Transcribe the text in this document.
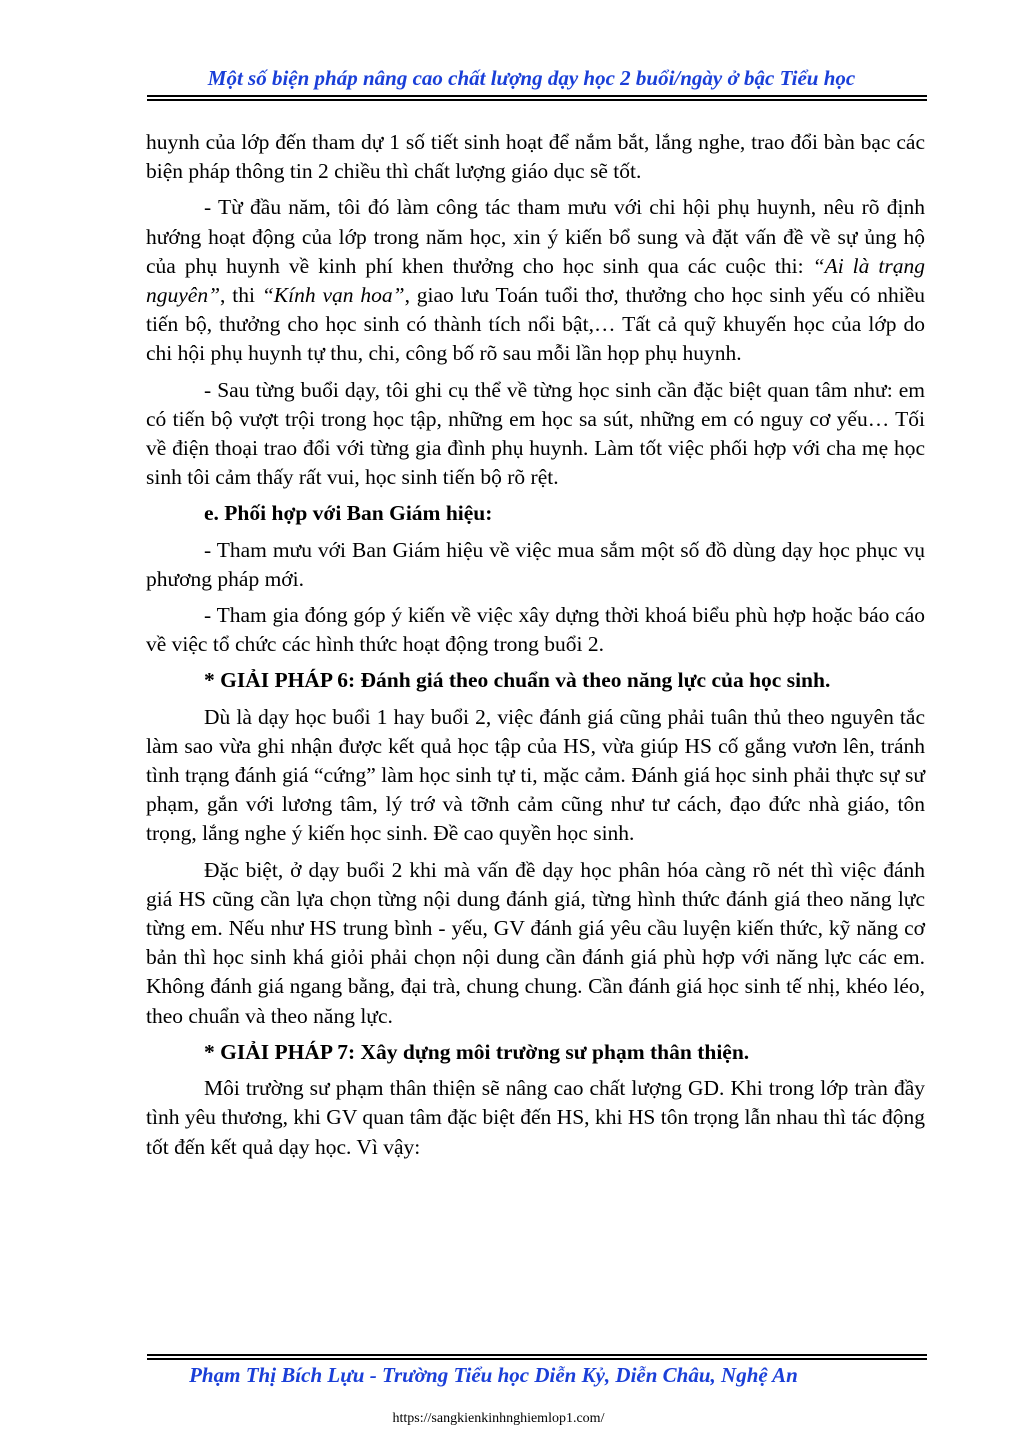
Một số biện pháp nâng cao chất lượng dạy học 2 buổi/ngày ở bậc Tiểu học

huynh của lớp đến tham dự 1 số tiết sinh hoạt để nắm bắt, lắng nghe, trao đổi bàn bạc các biện pháp thông tin 2 chiều thì chất lượng giáo dục sẽ tốt.

- Từ đầu năm, tôi đó làm công tác tham mưu với chi hội phụ huynh, nêu rõ định hướng hoạt động của lớp trong năm học, xin ý kiến bổ sung và đặt vấn đề về sự ủng hộ của phụ huynh về kinh phí khen thưởng cho học sinh qua các cuộc thi: “Ai là trạng nguyên”, thi “Kính vạn hoa”, giao lưu Toán tuổi thơ, thưởng cho học sinh yếu có nhiều tiến bộ, thưởng cho học sinh có thành tích nổi bật,… Tất cả quỹ khuyến học của lớp do chi hội phụ huynh tự thu, chi, công bố rõ sau mỗi lần họp phụ huynh.

- Sau từng buổi dạy, tôi ghi cụ thể về từng học sinh cần đặc biệt quan tâm như: em có tiến bộ vượt trội trong học tập, những em học sa sút, những em có nguy cơ yếu… Tối về điện thoại trao đổi với từng gia đình phụ huynh. Làm tốt việc phối hợp với cha mẹ học sinh tôi cảm thấy rất vui, học sinh tiến bộ rõ rệt.

e. Phối hợp với Ban Giám hiệu:

- Tham mưu với Ban Giám hiệu về việc mua sắm một số đồ dùng dạy học phục vụ phương pháp mới.

- Tham gia đóng góp ý kiến về việc xây dựng thời khoá biểu phù hợp hoặc báo cáo về việc tổ chức các hình thức hoạt động trong buổi 2.

* GIẢI PHÁP 6: Đánh giá theo chuẩn và theo năng lực của học sinh.

Dù là dạy học buổi 1 hay buổi 2, việc đánh giá cũng phải tuân thủ theo nguyên tắc làm sao vừa ghi nhận được kết quả học tập của HS, vừa giúp HS cố gắng vươn lên, tránh tình trạng đánh giá “cứng” làm học sinh tự ti, mặc cảm. Đánh giá học sinh phải thực sự sư phạm, gắn với lương tâm, lý trớ và tỡnh cảm cũng như tư cách, đạo đức nhà giáo, tôn trọng, lắng nghe ý kiến học sinh. Đề cao quyền học sinh.

Đặc biệt, ở dạy buổi 2 khi mà vấn đề dạy học phân hóa càng rõ nét thì việc đánh giá HS cũng cần lựa chọn từng nội dung đánh giá, từng hình thức đánh giá theo năng lực từng em. Nếu như HS trung bình - yếu, GV đánh giá yêu cầu luyện kiến thức, kỹ năng cơ bản thì học sinh khá giỏi phải chọn nội dung cần đánh giá phù hợp với năng lực các em. Không đánh giá ngang bằng, đại trà, chung chung. Cần đánh giá học sinh tế nhị, khéo léo, theo chuẩn và theo năng lực.

* GIẢI PHÁP 7: Xây dựng môi trường sư phạm thân thiện.

Môi trường sư phạm thân thiện sẽ nâng cao chất lượng GD. Khi trong lớp tràn đầy tình yêu thương, khi GV quan tâm đặc biệt đến HS, khi HS tôn trọng lẫn nhau thì tác động tốt đến kết quả dạy học. Vì vậy:

Phạm Thị Bích Lựu - Trường Tiểu học Diễn Kỷ, Diễn Châu, Nghệ An
https://sangkienkinhnghiemlop1.com/
